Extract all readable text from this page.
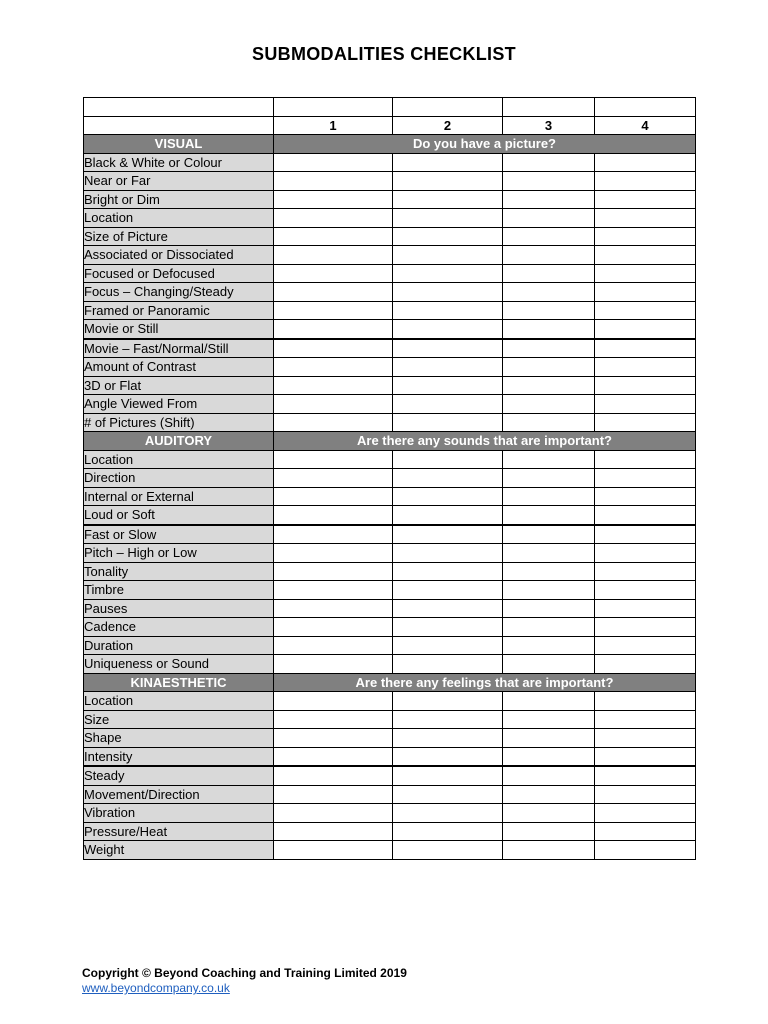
SUBMODALITIES CHECKLIST

	1	2	3	4
VISUAL	Do you have a picture?			
Black & White or Colour				
Near or Far				
Bright or Dim				
Location				
Size of Picture				
Associated or Dissociated				
Focused or Defocused				
Focus – Changing/Steady				
Framed or Panoramic				
Movie or Still				
Movie – Fast/Normal/Still				
Amount of Contrast				
3D or Flat				
Angle Viewed From				
# of Pictures (Shift)				
AUDITORY	Are there any sounds that are important?			
Location				
Direction				
Internal or External				
Loud or Soft				
Fast or Slow				
Pitch – High or Low				
Tonality				
Timbre				
Pauses				
Cadence				
Duration				
Uniqueness or Sound				
KINAESTHETIC	Are there any feelings that are important?			
Location				
Size				
Shape				
Intensity				
Steady				
Movement/Direction				
Vibration				
Pressure/Heat				
Weight				
Copyright © Beyond Coaching and Training Limited 2019
www.beyondcompany.co.uk
